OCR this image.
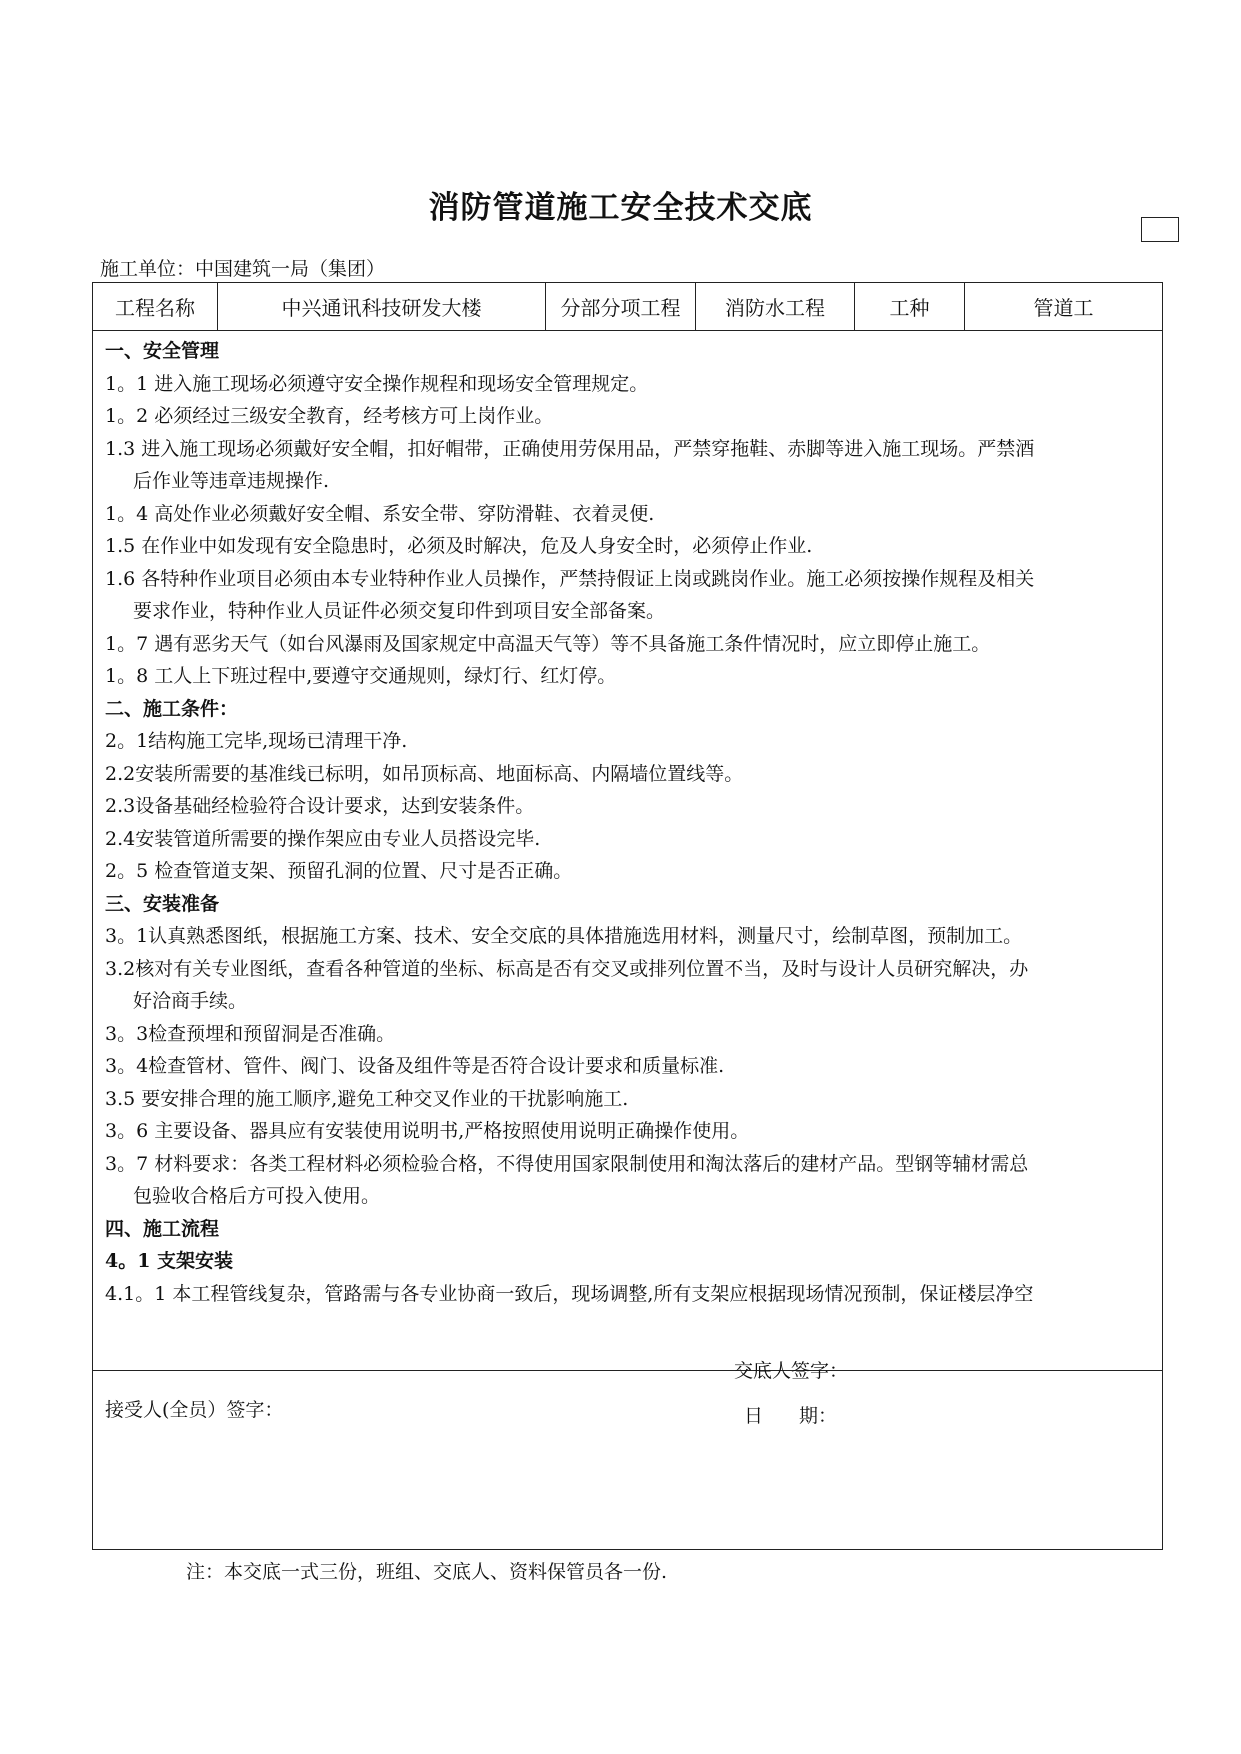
消防管道施工安全技术交底
施工单位：中国建筑一局（集团）
工程名称	中兴通讯科技研发大楼	分部分项工程	消防水工程	工种	管道工
一、安全管理
1。1 进入施工现场必须遵守安全操作规程和现场安全管理规定。
1。2 必须经过三级安全教育，经考核方可上岗作业。
1.3 进入施工现场必须戴好安全帽，扣好帽带，正确使用劳保用品，严禁穿拖鞋、赤脚等进入施工现场。严禁酒
后作业等违章违规操作.
1。4 高处作业必须戴好安全帽、系安全带、穿防滑鞋、衣着灵便.
1.5 在作业中如发现有安全隐患时，必须及时解决，危及人身安全时，必须停止作业.
1.6 各特种作业项目必须由本专业特种作业人员操作，严禁持假证上岗或跳岗作业。施工必须按操作规程及相关
要求作业，特种作业人员证件必须交复印件到项目安全部备案。
1。7 遇有恶劣天气（如台风瀑雨及国家规定中高温天气等）等不具备施工条件情况时，应立即停止施工。
1。8 工人上下班过程中,要遵守交通规则，绿灯行、红灯停。
二、施工条件：
2。1结构施工完毕,现场已清理干净.
2.2安装所需要的基准线已标明，如吊顶标高、地面标高、内隔墙位置线等。
2.3设备基础经检验符合设计要求，达到安装条件。
2.4安装管道所需要的操作架应由专业人员搭设完毕.
2。5 检查管道支架、预留孔洞的位置、尺寸是否正确。
三、安装准备
3。1认真熟悉图纸，根据施工方案、技术、安全交底的具体措施选用材料，测量尺寸，绘制草图，预制加工。
3.2核对有关专业图纸，查看各种管道的坐标、标高是否有交叉或排列位置不当，及时与设计人员研究解决，办
好洽商手续。
3。3检查预埋和预留洞是否准确。
3。4检查管材、管件、阀门、设备及组件等是否符合设计要求和质量标准.
3.5 要安排合理的施工顺序,避免工种交叉作业的干扰影响施工.
3。6 主要设备、器具应有安装使用说明书,严格按照使用说明正确操作使用。
3。7 材料要求：各类工程材料必须检验合格，不得使用国家限制使用和淘汰落后的建材产品。型钢等辅材需总
包验收合格后方可投入使用。
四、施工流程
4。1 支架安装
4.1。1 本工程管线复杂，管路需与各专业协商一致后，现场调整,所有支架应根据现场情况预制，保证楼层净空
交底人签字：
日 期：
接受人(全员）签字：
注：本交底一式三份，班组、交底人、资料保管员各一份.
